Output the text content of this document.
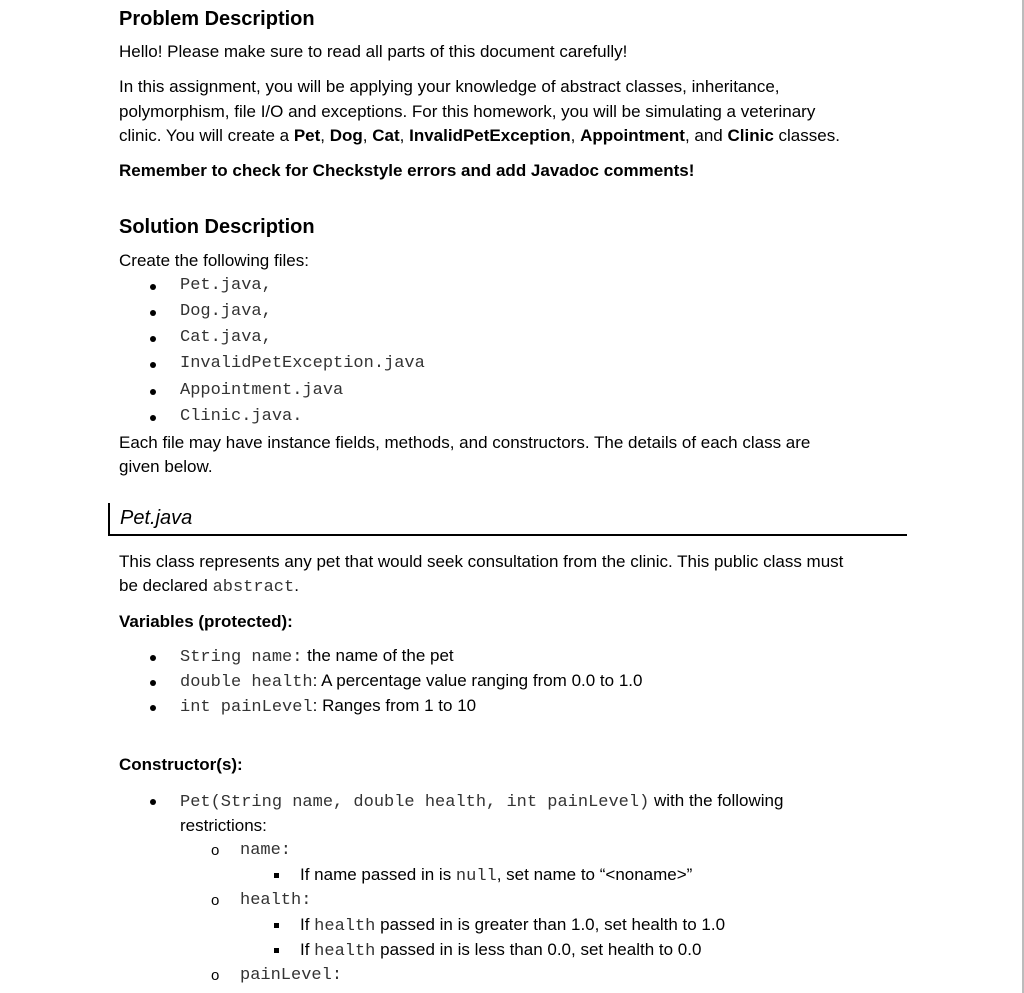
Problem Description
Hello! Please make sure to read all parts of this document carefully!
In this assignment, you will be applying your knowledge of abstract classes, inheritance,
polymorphism, file I/O and exceptions. For this homework, you will be simulating a veterinary
clinic. You will create a Pet, Dog, Cat, InvalidPetException, Appointment, and Clinic classes.
Remember to check for Checkstyle errors and add Javadoc comments!
Solution Description
Create the following files:
Pet.java,
Dog.java,
Cat.java,
InvalidPetException.java
Appointment.java
Clinic.java.
Each file may have instance fields, methods, and constructors. The details of each class are
given below.
Pet.java
This class represents any pet that would seek consultation from the clinic. This public class must
be declared abstract.
Variables (protected):
String name: the name of the pet
double health: A percentage value ranging from 0.0 to 1.0
int painLevel: Ranges from 1 to 10
Constructor(s):
Pet(String name, double health, int painLevel) with the following
restrictions:
o name:
If name passed in is null, set name to “<noname>”
o health:
If health passed in is greater than 1.0, set health to 1.0
If health passed in is less than 0.0, set health to 0.0
o painLevel:
